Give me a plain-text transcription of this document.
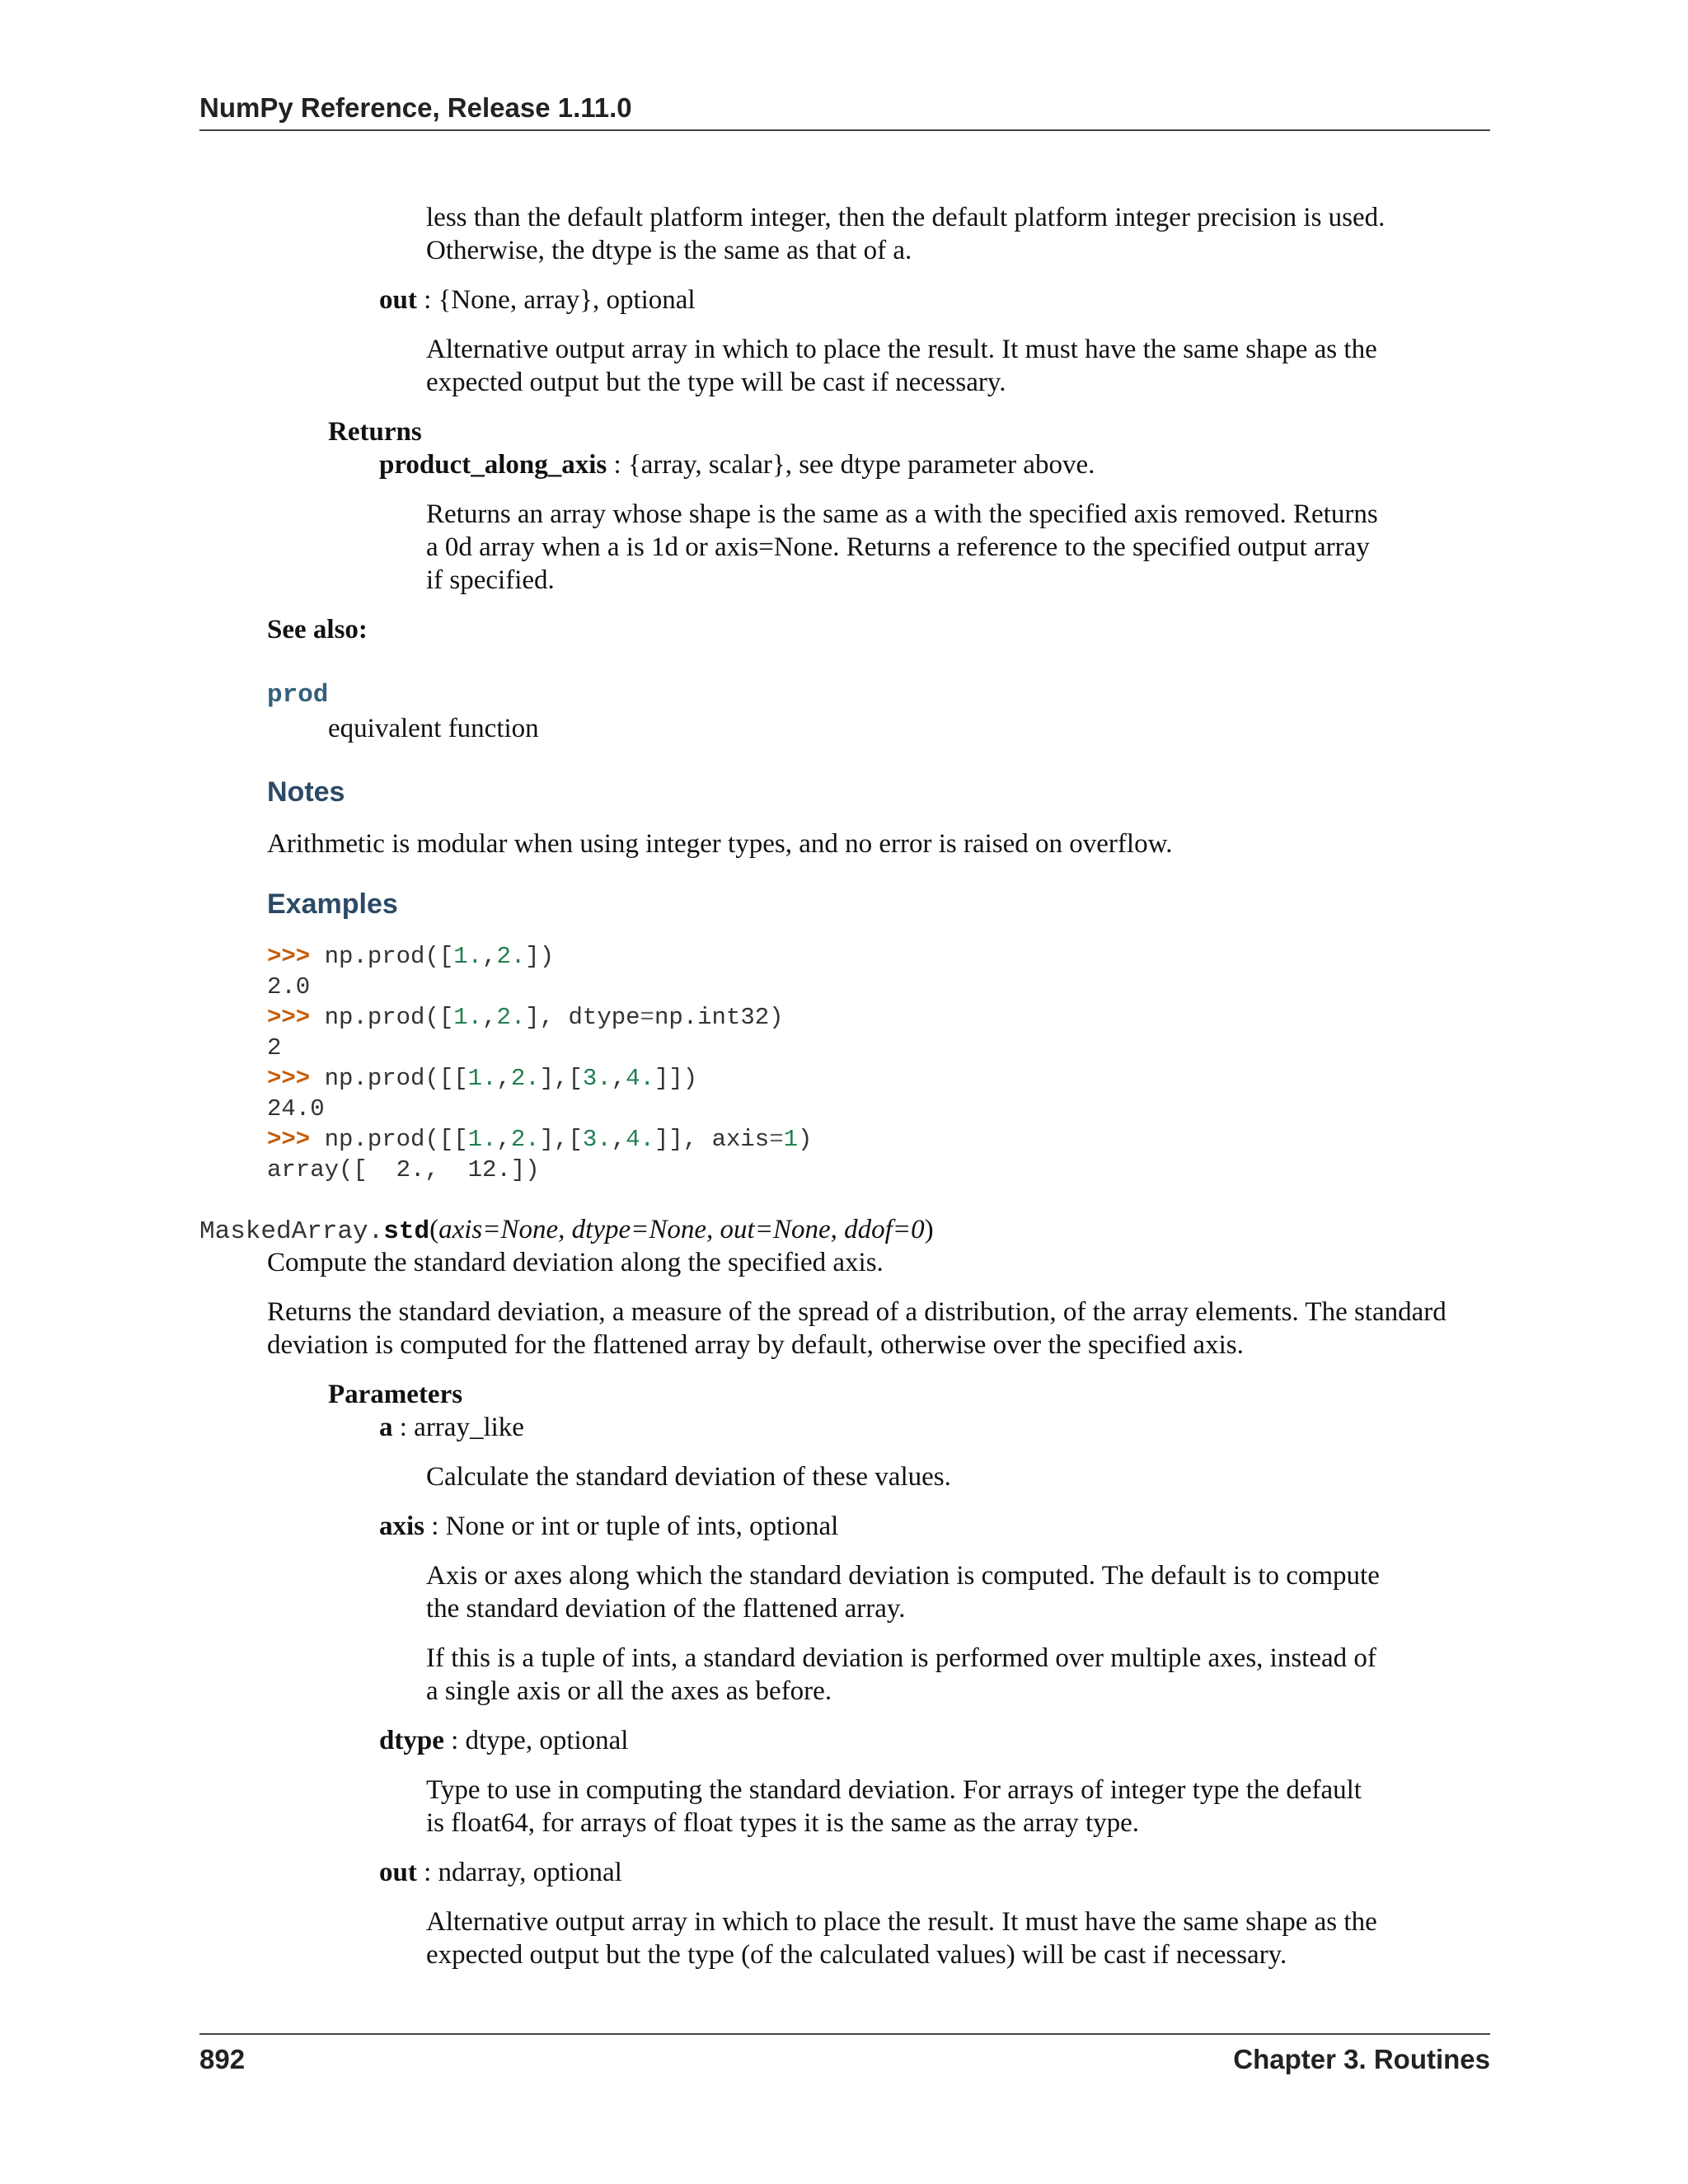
NumPy Reference, Release 1.11.0

less than the default platform integer, then the default platform integer precision is used.

Otherwise, the dtype is the same as that of a.

out : {None, array}, optional

Alternative output array in which to place the result. It must have the same shape as the

expected output but the type will be cast if necessary.

Returns

product_along_axis : {array, scalar}, see dtype parameter above.

Returns an array whose shape is the same as a with the specified axis removed. Returns

a 0d array when a is 1d or axis=None. Returns a reference to the specified output array

if specified.

See also:

prod

equivalent function

Notes

Arithmetic is modular when using integer types, and no error is raised on overflow.

Examples
>>> np.prod([1.,2.])
2.0
>>> np.prod([1.,2.], dtype=np.int32)
2
>>> np.prod([[1.,2.],[3.,4.]])
24.0
>>> np.prod([[1.,2.],[3.,4.]], axis=1)
array([  2.,  12.])
MaskedArray.std(axis=None, dtype=None, out=None, ddof=0)

Compute the standard deviation along the specified axis.

Returns the standard deviation, a measure of the spread of a distribution, of the array elements. The standard

deviation is computed for the flattened array by default, otherwise over the specified axis.

Parameters

a : array_like

Calculate the standard deviation of these values.

axis : None or int or tuple of ints, optional

Axis or axes along which the standard deviation is computed. The default is to compute

the standard deviation of the flattened array.

If this is a tuple of ints, a standard deviation is performed over multiple axes, instead of

a single axis or all the axes as before.

dtype : dtype, optional

Type to use in computing the standard deviation. For arrays of integer type the default

is float64, for arrays of float types it is the same as the array type.

out : ndarray, optional

Alternative output array in which to place the result. It must have the same shape as the

expected output but the type (of the calculated values) will be cast if necessary.

892	Chapter 3. Routines
